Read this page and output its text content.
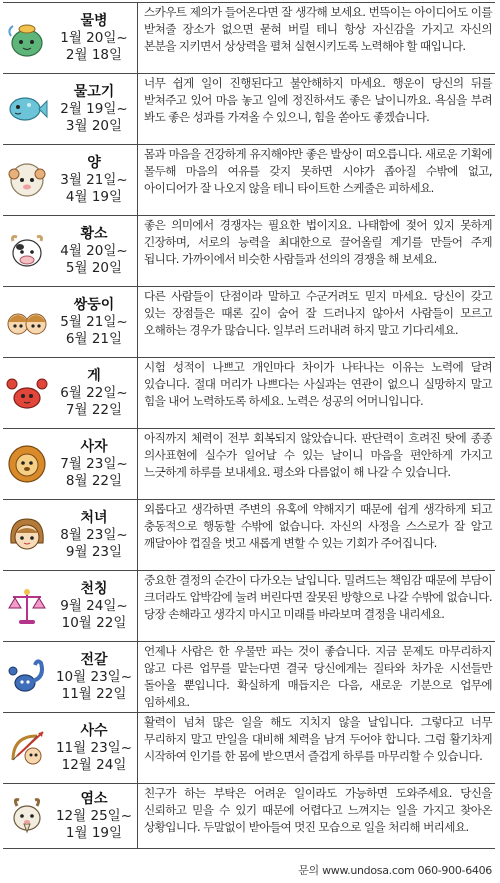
물병
1월 20일~
2월 18일
스카우트 제의가 들어온다면 잘 생각해 보세요. 번뜩이는 아이디어도 이를 받쳐줄 장소가 없으면 묻혀 버릴 테니 항상 자신감을 가지고 자신의 본분을 지키면서 상상력을 펼쳐 실현시키도록 노력해야 할 때입니다.
물고기
2월 19일~
3월 20일
너무 쉽게 일이 진행된다고 불안해하지 마세요. 행운이 당신의 뒤를 받쳐주고 있어 마음 놓고 일에 정진하셔도 좋은 날이니까요. 욕심을 부려 봐도 좋은 성과를 가져올 수 있으니, 힘을 쏟아도 좋겠습니다.
양
3월 21일~
4월 19일
몸과 마음을 건강하게 유지해야만 좋은 발상이 떠오릅니다. 새로운 기획에 몰두해 마음의 여유를 갖지 못하면 시야가 좁아질 수밖에 없고, 아이디어가 잘 나오지 않을 테니 타이트한 스케줄은 피하세요.
황소
4월 20일~
5월 20일
좋은 의미에서 경쟁자는 필요한 법이지요. 나태함에 젖어 있지 못하게 긴장하며, 서로의 능력을 최대한으로 끌어올릴 계기를 만들어 주게 됩니다. 가까이에서 비슷한 사람들과 선의의 경쟁을 해 보세요.
쌍둥이
5월 21일~
6월 21일
다른 사람들이 단점이라 말하고 수군거려도 믿지 마세요. 당신이 갖고 있는 장점들은 때론 깊이 숨어 잘 드러나지 않아서 사람들이 모르고 오해하는 경우가 많습니다. 일부러 드러내려 하지 말고 기다리세요.
게
6월 22일~
7월 22일
시험 성적이 나쁘고 개인마다 차이가 나타나는 이유는 노력에 달려 있습니다. 절대 머리가 나쁘다는 사실과는 연관이 없으니 실망하지 말고 힘을 내어 노력하도록 하세요. 노력은 성공의 어머니입니다.
사자
7월 23일~
8월 22일
아직까지 체력이 전부 회복되지 않았습니다. 판단력이 흐려진 탓에 종종 의사표현에 실수가 일어날 수 있는 날이니 마음을 편안하게 가지고 느긋하게 하루를 보내세요. 평소와 다름없이 해 나갈 수 있습니다.
처녀
8월 23일~
9월 23일
외롭다고 생각하면 주변의 유혹에 약해지기 때문에 쉽게 생각하게 되고 충동적으로 행동할 수밖에 없습니다. 자신의 사정을 스스로가 잘 알고 깨달아야 껍질을 벗고 새롭게 변할 수 있는 기회가 주어집니다.
천칭
9월 24일~
10월 22일
중요한 결정의 순간이 다가오는 날입니다. 밀려드는 책임감 때문에 부담이 크더라도 압박감에 눌려 버린다면 잘못된 방향으로 나갈 수밖에 없습니다. 당장 손해라고 생각지 마시고 미래를 바라보며 결정을 내리세요.
전갈
10월 23일~
11월 22일
언제나 사람은 한 우물만 파는 것이 좋습니다. 지금 문제도 마무리하지 않고 다른 업무를 맡는다면 결국 당신에게는 질타와 차가운 시선들만 돌아올 뿐입니다. 확실하게 매듭지은 다음, 새로운 기분으로 업무에 임하세요.
사수
11월 23일~
12월 24일
활력이 넘쳐 많은 일을 해도 지치지 않을 날입니다. 그렇다고 너무 무리하지 말고 만일을 대비해 체력을 남겨 두어야 합니다. 그럼 활기차게 시작하여 인기를 한 몸에 받으면서 즐겁게 하루를 마무리할 수 있습니다.
염소
12월 25일~
1월 19일
친구가 하는 부탁은 어려운 일이라도 가능하면 도와주세요. 당신을 신뢰하고 믿을 수 있기 때문에 어렵다고 느껴지는 일을 가지고 찾아온 상황입니다. 두말없이 받아들여 멋진 모습으로 일을 처리해 버리세요.
문의 www.undosa.com 060-900-6406
